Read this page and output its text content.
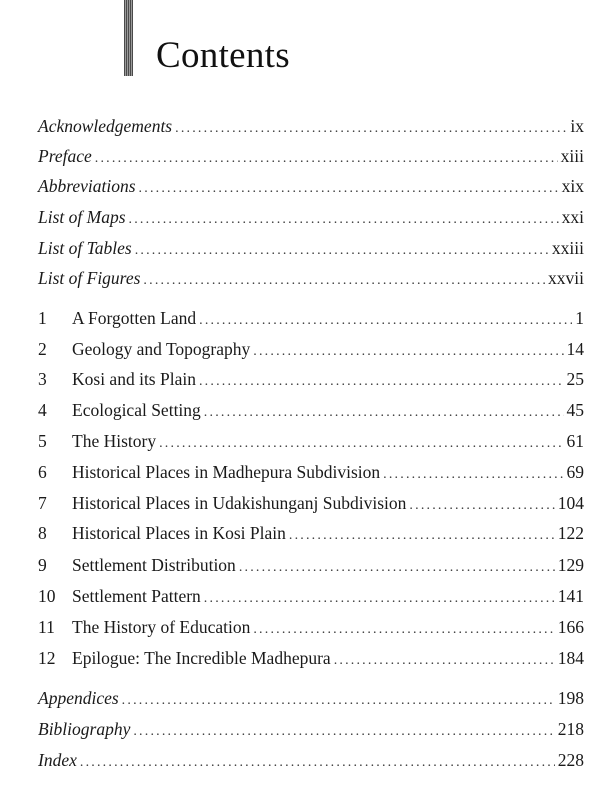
Contents
Acknowledgements .....	ix
Preface .....	xiii
Abbreviations .....	xix
List of Maps .....	xxi
List of Tables .....	xxiii
List of Figures .....	xxvii
1	A Forgotten Land .....	1
2	Geology and Topography .....	14
3	Kosi and its Plain .....	25
4	Ecological Setting .....	45
5	The History .....	61
6	Historical Places in Madhepura Subdivision .....	69
7	Historical Places in Udakishunganj Subdivision .....	104
8	Historical Places in Kosi Plain .....	122
9	Settlement Distribution .....	129
10 Settlement Pattern .....	141
11 The History of Education .....	166
12 Epilogue: The Incredible Madhepura .....	184
Appendices .....	198
Bibliography .....	218
Index .....	228
